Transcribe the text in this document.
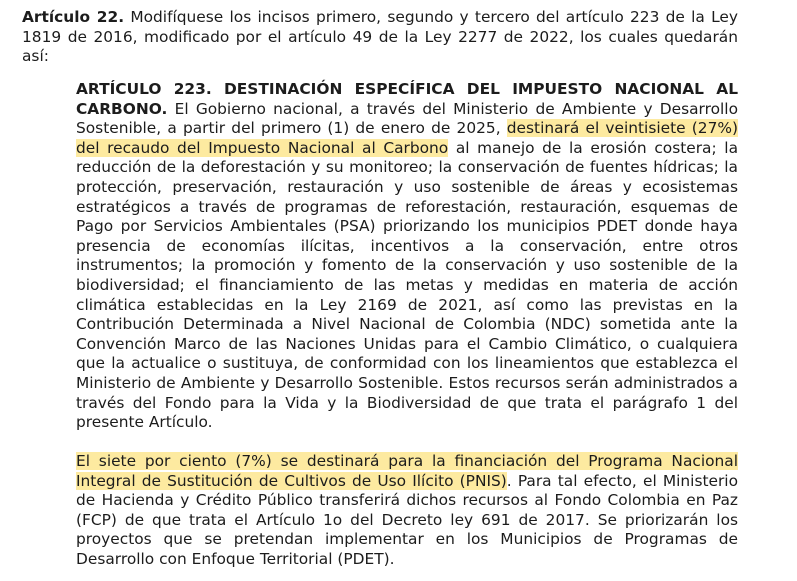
Artículo 22. Modifíquese los incisos primero, segundo y tercero del artículo 223 de la Ley 1819 de 2016, modificado por el artículo 49 de la Ley 2277 de 2022, los cuales quedarán así:

ARTÍCULO 223. DESTINACIÓN ESPECÍFICA DEL IMPUESTO NACIONAL AL CARBONO. El Gobierno nacional, a través del Ministerio de Ambiente y Desarrollo Sostenible, a partir del primero (1) de enero de 2025, destinará el veintisiete (27%) del recaudo del Impuesto Nacional al Carbono al manejo de la erosión costera; la reducción de la deforestación y su monitoreo; la conservación de fuentes hídricas; la protección, preservación, restauración y uso sostenible de áreas y ecosistemas estratégicos a través de programas de reforestación, restauración, esquemas de Pago por Servicios Ambientales (PSA) priorizando los municipios PDET donde haya presencia de economías ilícitas, incentivos a la conservación, entre otros instrumentos; la promoción y fomento de la conservación y uso sostenible de la biodiversidad; el financiamiento de las metas y medidas en materia de acción climática establecidas en la Ley 2169 de 2021, así como las previstas en la Contribución Determinada a Nivel Nacional de Colombia (NDC) sometida ante la Convención Marco de las Naciones Unidas para el Cambio Climático, o cualquiera que la actualice o sustituya, de conformidad con los lineamientos que establezca el Ministerio de Ambiente y Desarrollo Sostenible. Estos recursos serán administrados a través del Fondo para la Vida y la Biodiversidad de que trata el parágrafo 1 del presente Artículo.

El siete por ciento (7%) se destinará para la financiación del Programa Nacional Integral de Sustitución de Cultivos de Uso Ilícito (PNIS). Para tal efecto, el Ministerio de Hacienda y Crédito Público transferirá dichos recursos al Fondo Colombia en Paz (FCP) de que trata el Artículo 1o del Decreto ley 691 de 2017. Se priorizarán los proyectos que se pretendan implementar en los Municipios de Programas de Desarrollo con Enfoque Territorial (PDET).
